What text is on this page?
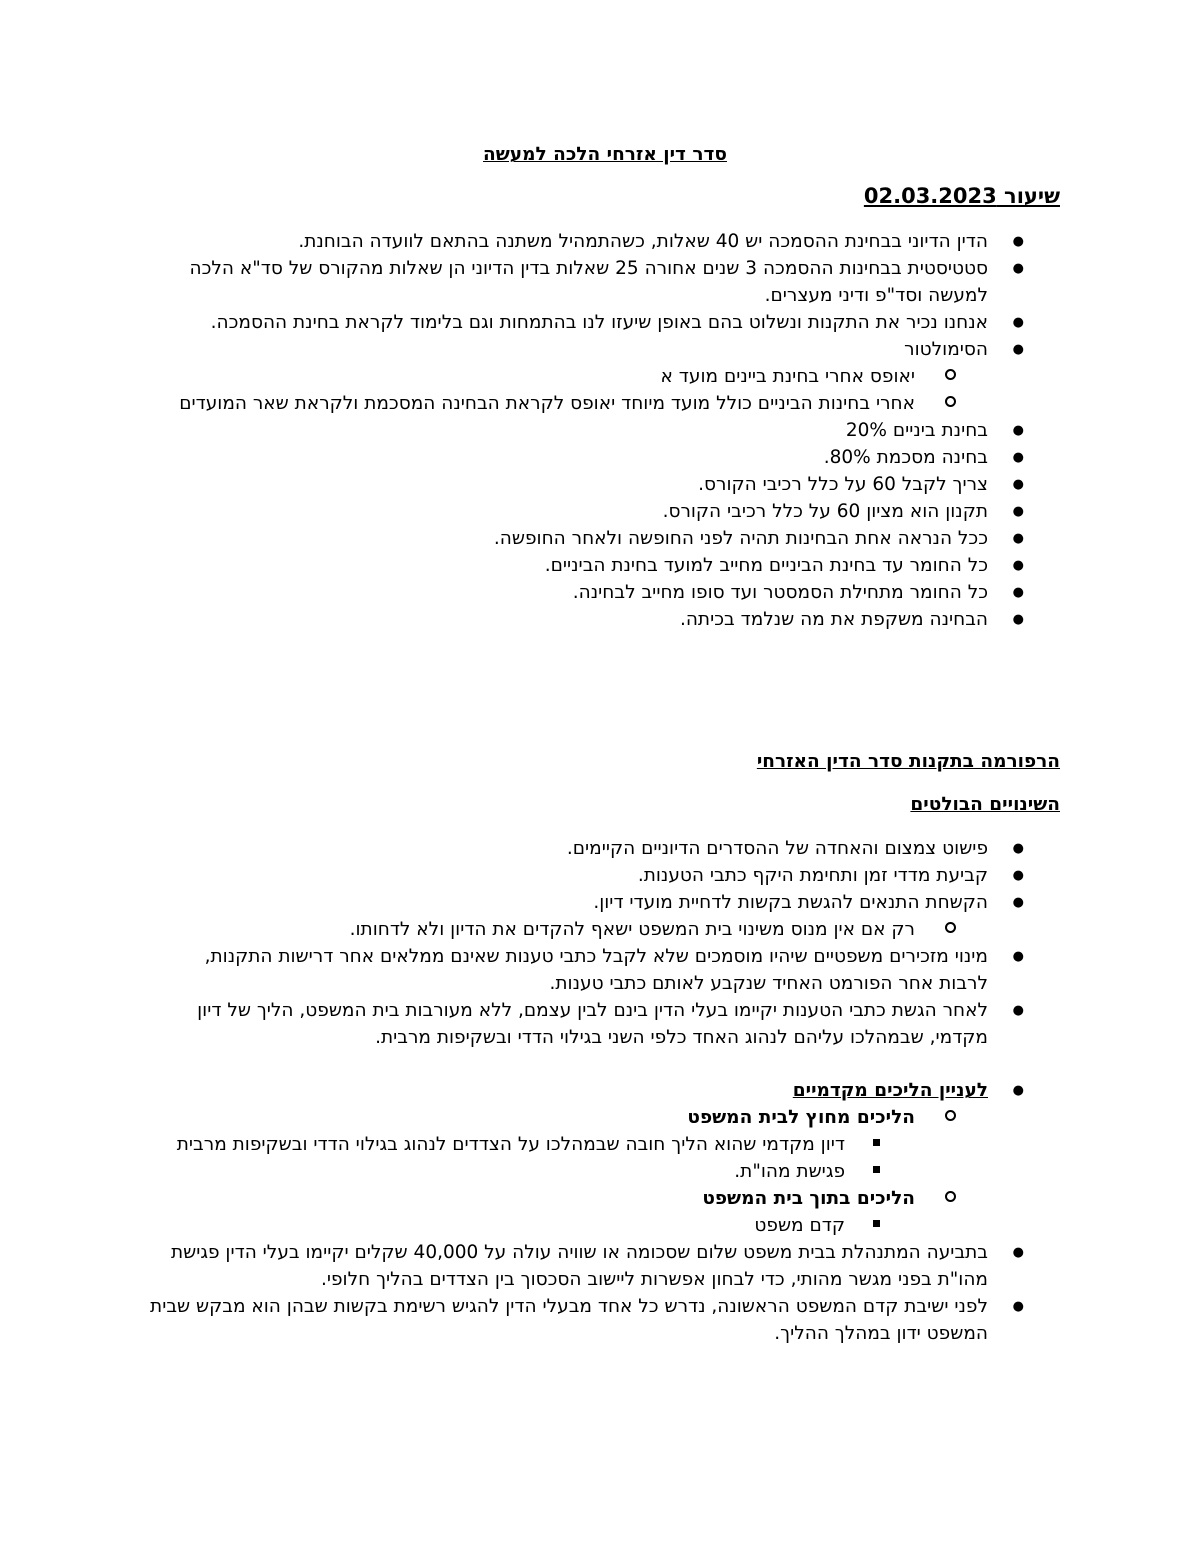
סדר דין אזרחי הלכה למעשה
שיעור 02.03.2023
●
הדין הדיוני בבחינת ההסמכה יש 40 שאלות, כשהתמהיל משתנה בהתאם לוועדה הבוחנת.
●
סטטיסטית בבחינות ההסמכה 3 שנים אחורה 25 שאלות בדין הדיוני הן שאלות מהקורס של סד"א הלכה למעשה וסד"פ ודיני מעצרים.
●
אנחנו נכיר את התקנות ונשלוט בהם באופן שיעזו לנו בהתמחות וגם בלימוד לקראת בחינת ההסמכה.
●
הסימולטור
יאופס אחרי בחינת ביינים מועד א
אחרי בחינות הביניים כולל מועד מיוחד יאופס לקראת הבחינה המסכמת ולקראת שאר המועדים
●
בחינת ביניים 20%
●
בחינה מסכמת 80%.
●
צריך לקבל 60 על כלל רכיבי הקורס.
●
תקנון הוא מציון 60 על כלל רכיבי הקורס.
●
ככל הנראה אחת הבחינות תהיה לפני החופשה ולאחר החופשה.
●
כל החומר עד בחינת הביניים מחייב למועד בחינת הביניים.
●
כל החומר מתחילת הסמסטר ועד סופו מחייב לבחינה.
●
הבחינה משקפת את מה שנלמד בכיתה.
הרפורמה בתקנות סדר הדין האזרחי
השינויים הבולטים
●
פישוט צמצום והאחדה של ההסדרים הדיוניים הקיימים.
●
קביעת מדדי זמן ותחימת היקף כתבי הטענות.
●
הקשחת התנאים להגשת בקשות לדחיית מועדי דיון.
רק אם אין מנוס משינוי בית המשפט ישאף להקדים את הדיון ולא לדחותו.
●
מינוי מזכירים משפטיים שיהיו מוסמכים שלא לקבל כתבי טענות שאינם ממלאים אחר דרישות התקנות, לרבות אחר הפורמט האחיד שנקבע לאותם כתבי טענות.
●
לאחר הגשת כתבי הטענות יקיימו בעלי הדין בינם לבין עצמם, ללא מעורבות בית המשפט, הליך של דיון מקדמי, שבמהלכו עליהם לנהוג האחד כלפי השני בגילוי הדדי ובשקיפות מרבית.
●
לעניין הליכים מקדמיים
הליכים מחוץ לבית המשפט
דיון מקדמי שהוא הליך חובה שבמהלכו על הצדדים לנהוג בגילוי הדדי ובשקיפות מרבית
פגישת מהו"ת.
הליכים בתוך בית המשפט
קדם משפט
●
בתביעה המתנהלת בבית משפט שלום שסכומה או שוויה עולה על 40,000 שקלים יקיימו בעלי הדין פגישת מהו"ת בפני מגשר מהותי, כדי לבחון אפשרות ליישוב הסכסוך בין הצדדים בהליך חלופי.
●
לפני ישיבת קדם המשפט הראשונה, נדרש כל אחד מבעלי הדין להגיש רשימת בקשות שבהן הוא מבקש שבית המשפט ידון במהלך ההליך.
